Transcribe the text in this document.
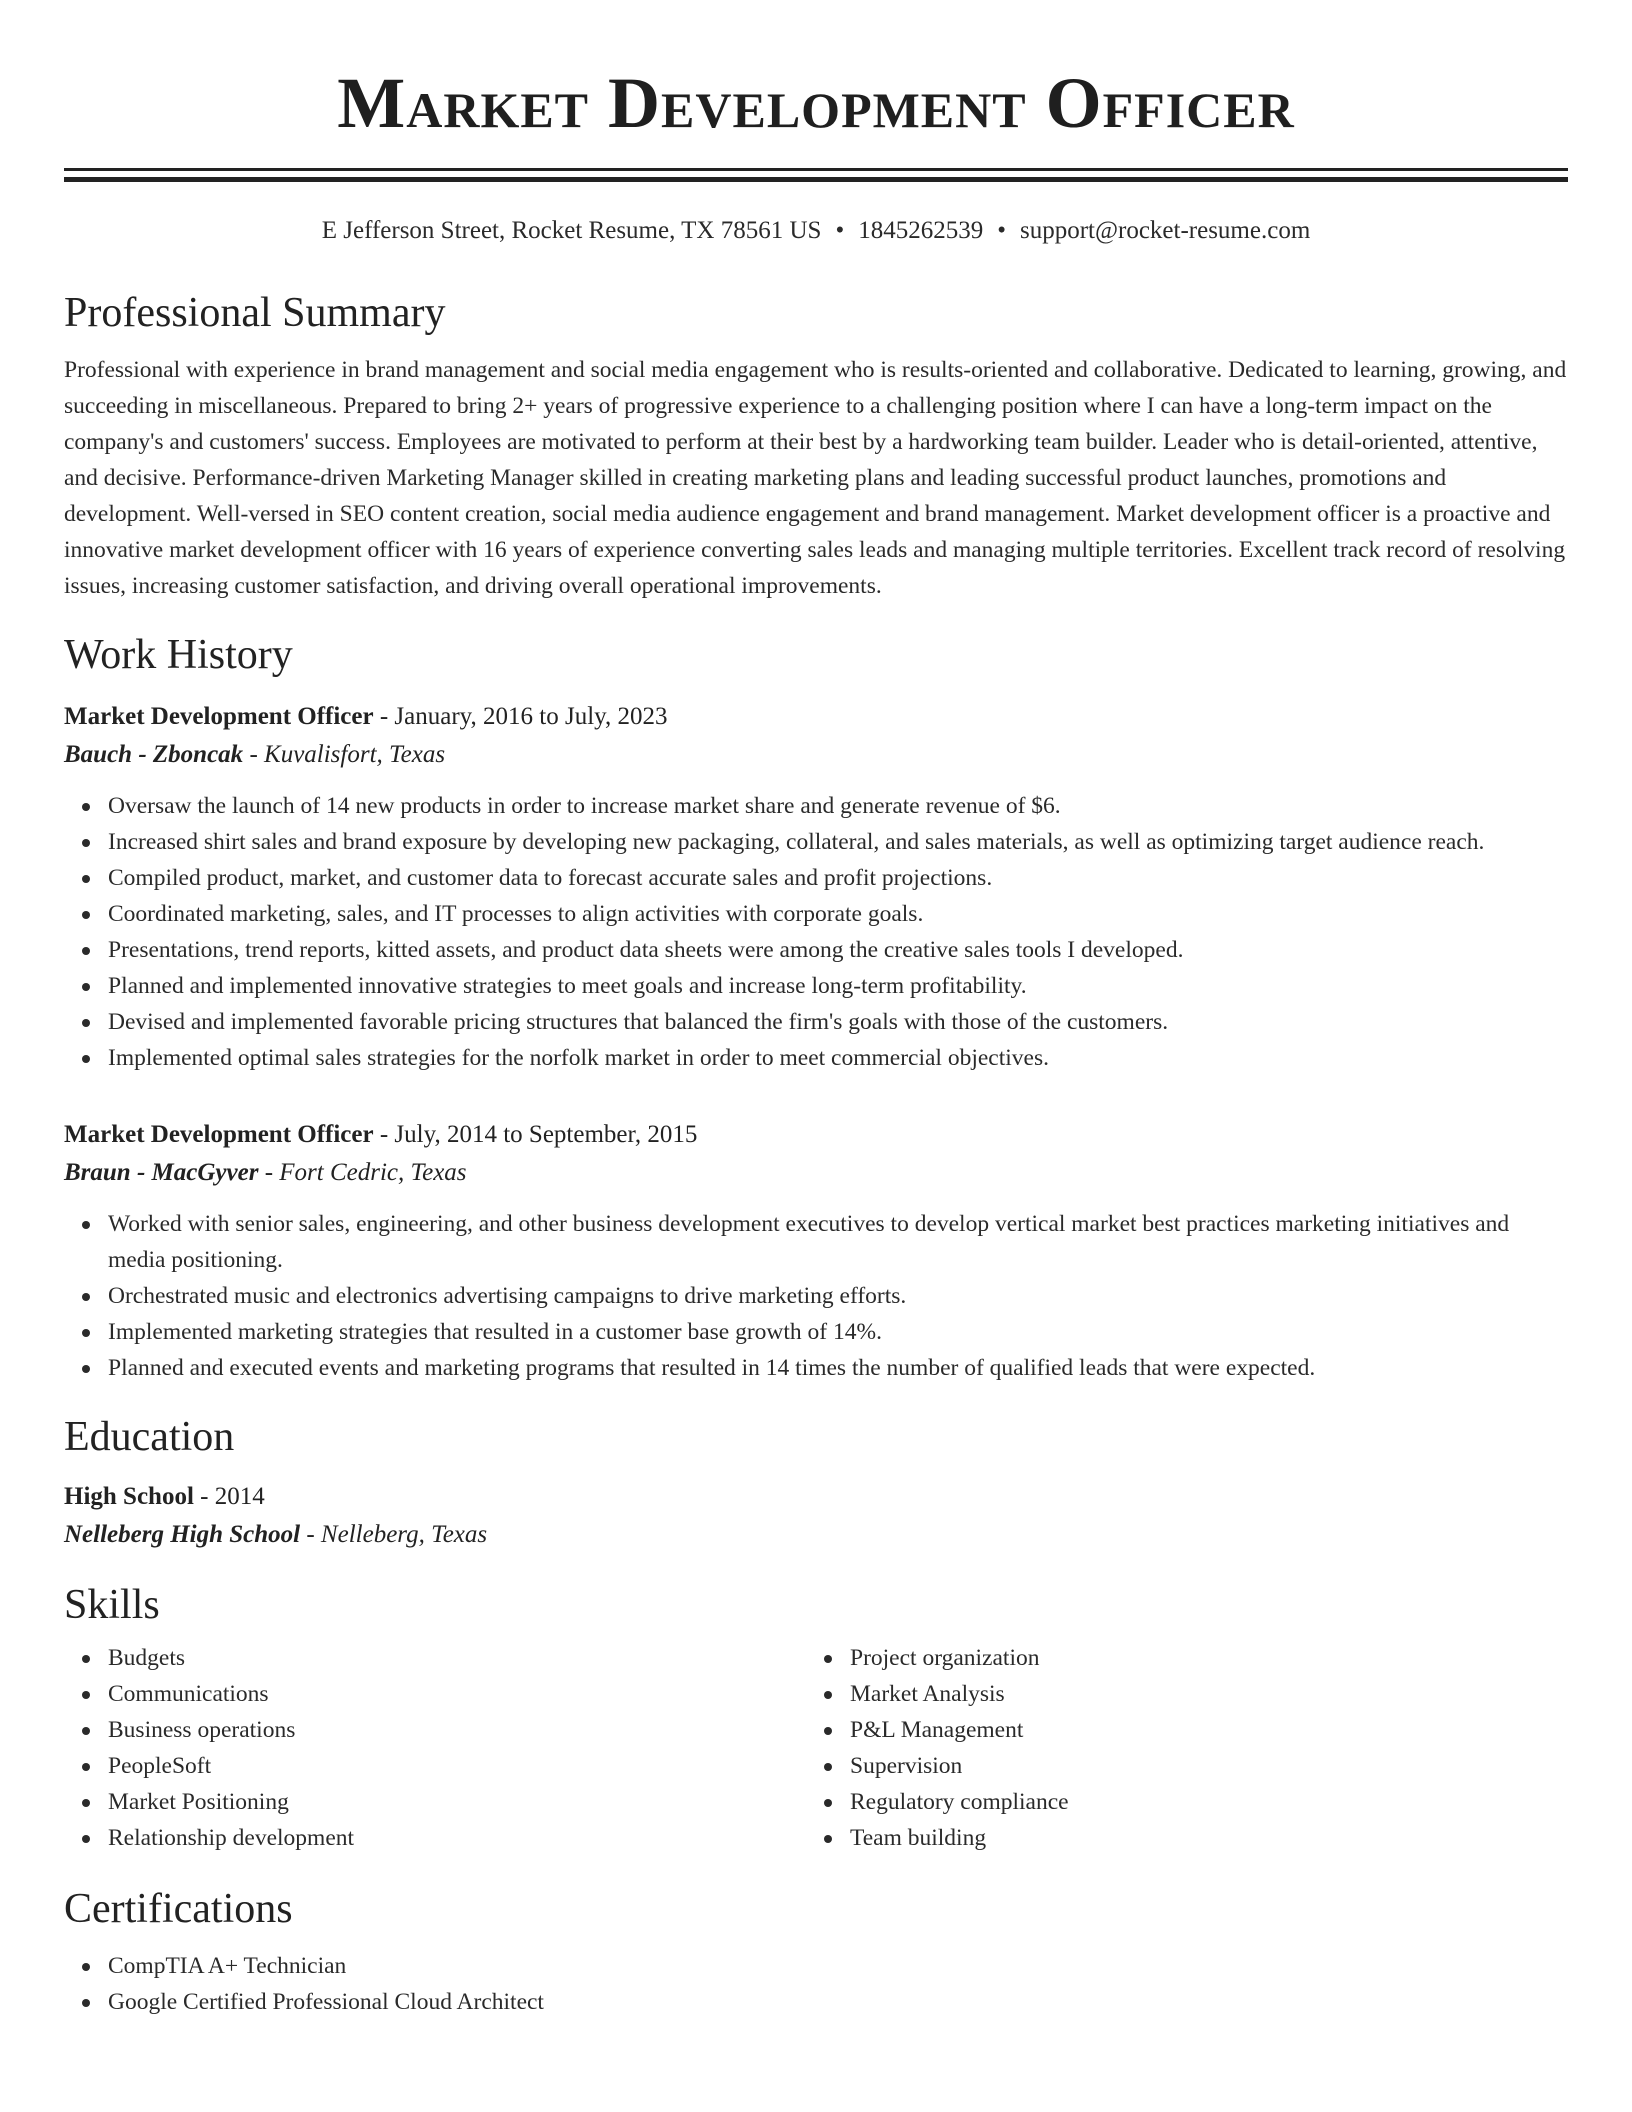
Market Development Officer
E Jefferson Street, Rocket Resume, TX 78561 US • 1845262539 • support@rocket-resume.com
Professional Summary
Professional with experience in brand management and social media engagement who is results-oriented and collaborative. Dedicated to learning, growing, and succeeding in miscellaneous. Prepared to bring 2+ years of progressive experience to a challenging position where I can have a long-term impact on the company's and customers' success. Employees are motivated to perform at their best by a hardworking team builder. Leader who is detail-oriented, attentive, and decisive. Performance-driven Marketing Manager skilled in creating marketing plans and leading successful product launches, promotions and development. Well-versed in SEO content creation, social media audience engagement and brand management. Market development officer is a proactive and innovative market development officer with 16 years of experience converting sales leads and managing multiple territories. Excellent track record of resolving issues, increasing customer satisfaction, and driving overall operational improvements.
Work History
Market Development Officer - January, 2016 to July, 2023
Bauch - Zboncak - Kuvalisfort, Texas
Oversaw the launch of 14 new products in order to increase market share and generate revenue of $6.
Increased shirt sales and brand exposure by developing new packaging, collateral, and sales materials, as well as optimizing target audience reach.
Compiled product, market, and customer data to forecast accurate sales and profit projections.
Coordinated marketing, sales, and IT processes to align activities with corporate goals.
Presentations, trend reports, kitted assets, and product data sheets were among the creative sales tools I developed.
Planned and implemented innovative strategies to meet goals and increase long-term profitability.
Devised and implemented favorable pricing structures that balanced the firm's goals with those of the customers.
Implemented optimal sales strategies for the norfolk market in order to meet commercial objectives.
Market Development Officer - July, 2014 to September, 2015
Braun - MacGyver - Fort Cedric, Texas
Worked with senior sales, engineering, and other business development executives to develop vertical market best practices marketing initiatives and media positioning.
Orchestrated music and electronics advertising campaigns to drive marketing efforts.
Implemented marketing strategies that resulted in a customer base growth of 14%.
Planned and executed events and marketing programs that resulted in 14 times the number of qualified leads that were expected.
Education
High School - 2014
Nelleberg High School - Nelleberg, Texas
Skills
Budgets
Communications
Business operations
PeopleSoft
Market Positioning
Relationship development
Project organization
Market Analysis
P&L Management
Supervision
Regulatory compliance
Team building
Certifications
CompTIA A+ Technician
Google Certified Professional Cloud Architect
